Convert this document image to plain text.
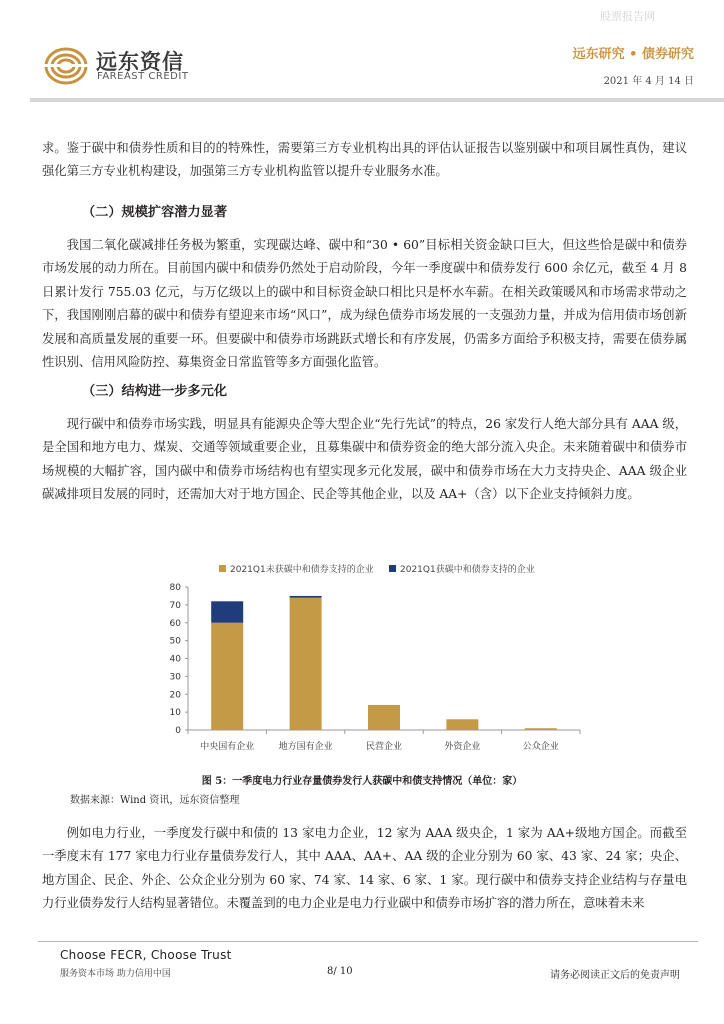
股票报告网
远东资信
FAREAST CREDIT
远东研究 • 债券研究
2021 年 4 月 14 日

求。鉴于碳中和债券性质和目的的特殊性，需要第三方专业机构出具的评估认证报告以鉴别碳中和项目属性真伪，建议强化第三方专业机构建设，加强第三方专业机构监管以提升专业服务水准。

（二）规模扩容潜力显著

我国二氧化碳减排任务极为繁重，实现碳达峰、碳中和“30 • 60”目标相关资金缺口巨大，但这些恰是碳中和债券市场发展的动力所在。目前国内碳中和债券仍然处于启动阶段，今年一季度碳中和债券发行 600 余亿元，截至 4 月 8 日累计发行 755.03 亿元，与万亿级以上的碳中和目标资金缺口相比只是杯水车薪。在相关政策暖风和市场需求带动之下，我国刚刚启幕的碳中和债券有望迎来市场“风口”，成为绿色债券市场发展的一支强劲力量，并成为信用债市场创新发展和高质量发展的重要一环。但要碳中和债券市场跳跃式增长和有序发展，仍需多方面给予积极支持，需要在债券属性识别、信用风险防控、募集资金日常监管等多方面强化监管。

（三）结构进一步多元化

现行碳中和债券市场实践，明显具有能源央企等大型企业“先行先试”的特点，26 家发行人绝大部分具有 AAA 级，是全国和地方电力、煤炭、交通等领域重要企业，且募集碳中和债券资金的绝大部分流入央企。未来随着碳中和债券市场规模的大幅扩容，国内碳中和债券市场结构也有望实现多元化发展，碳中和债券市场在大力支持央企、AAA 级企业碳减排项目发展的同时，还需加大对于地方国企、民企等其他企业，以及 AA+（含）以下企业支持倾斜力度。

2021Q1未获碳中和债券支持的企业	2021Q1获碳中和债券支持的企业
0
10
20
30
40
50
60
70
80
中央国有企业	地方国有企业	民营企业	外资企业	公众企业
图 5：一季度电力行业存量债券发行人获碳中和债支持情况（单位：家）
数据来源：Wind 资讯，远东资信整理

例如电力行业，一季度发行碳中和债的 13 家电力企业，12 家为 AAA 级央企，1 家为 AA+级地方国企。而截至一季度末有 177 家电力行业存量债券发行人，其中 AAA、AA+、AA 级的企业分别为 60 家、43 家、24 家；央企、地方国企、民企、外企、公众企业分别为 60 家、74 家、14 家、6 家、1 家。现行碳中和债券支持企业结构与存量电力行业债券发行人结构显著错位。未覆盖到的电力企业是电力行业碳中和债券市场扩容的潜力所在，意味着未来

Choose FECR, Choose Trust
服务资本市场 助力信用中国	8/ 10	请务必阅读正文后的免责声明
